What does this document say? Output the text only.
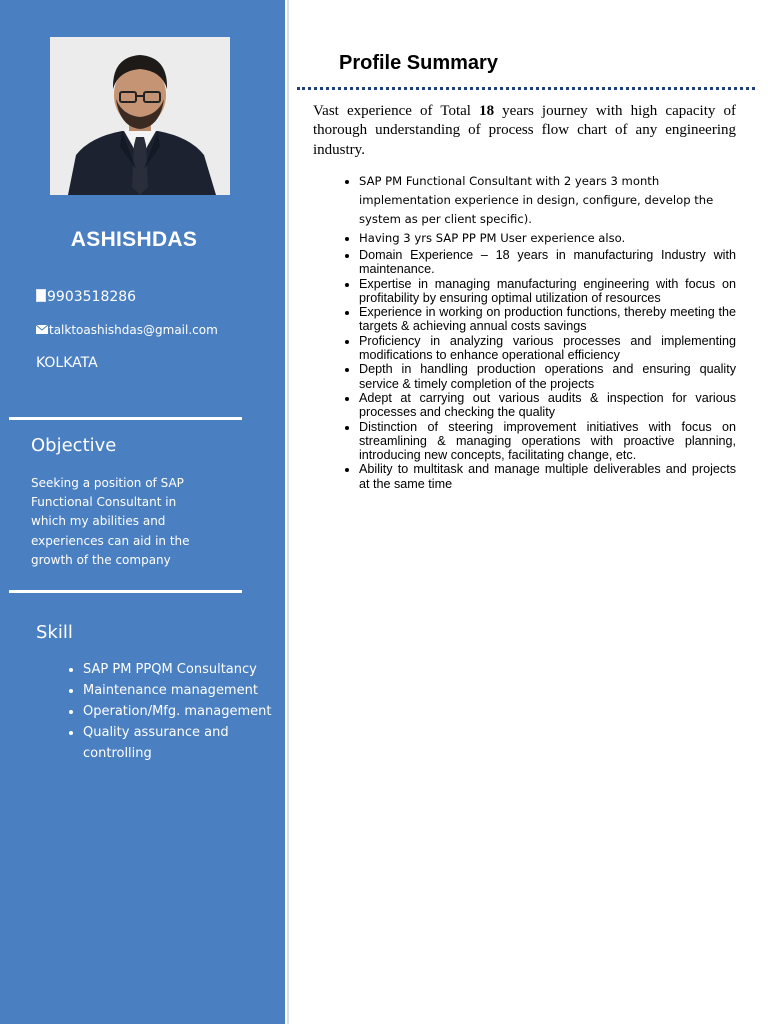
ASHISHDAS
9903518286
talktoashishdas@gmail.com
KOLKATA
Objective
Seeking a position of SAP Functional Consultant in which my abilities and experiences can aid in the growth of the company
Skill
• SAP PM PPQM Consultancy
• Maintenance management
• Operation/Mfg. management
• Quality assurance and controlling
Profile Summary

Vast experience of Total 18 years journey with high capacity of thorough understanding of process flow chart of any engineering industry.

• SAP PM Functional Consultant with 2 years 3 month implementation experience in design, configure, develop the system as per client specific).
• Having 3 yrs SAP PP PM User experience also.
• Domain Experience – 18 years in manufacturing Industry with maintenance.
• Expertise in managing manufacturing engineering with focus on profitability by ensuring optimal utilization of resources
• Experience in working on production functions, thereby meeting the targets & achieving annual costs savings
• Proficiency in analyzing various processes and implementing modifications to enhance operational efficiency
• Depth in handling production operations and ensuring quality service & timely completion of the projects
• Adept at carrying out various audits & inspection for various processes and checking the quality
• Distinction of steering improvement initiatives with focus on streamlining & managing operations with proactive planning, introducing new concepts, facilitating change, etc.
• Ability to multitask and manage multiple deliverables and projects at the same time
